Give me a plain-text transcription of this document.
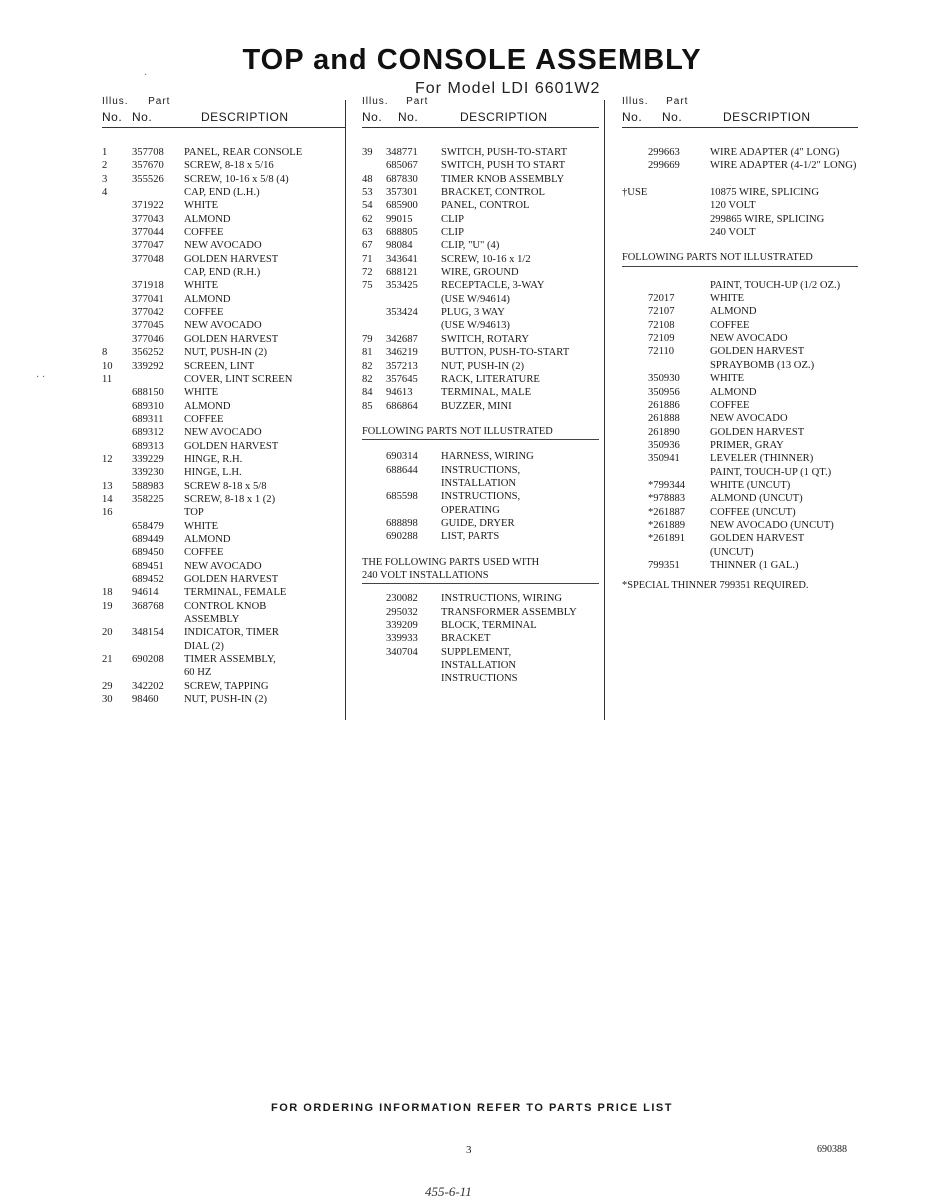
TOP and CONSOLE ASSEMBLY
For Model LDI 6601W2
·
· ·
Illus. Part
No. No.	DESCRIPTION
1	357708	PANEL, REAR CONSOLE
2	357670	SCREW, 8-18 x 5/16
3	355526	SCREW, 10-16 x 5/8 (4)
4	CAP, END (L.H.)
371922	WHITE
377043	ALMOND
377044	COFFEE
377047	NEW AVOCADO
377048	GOLDEN HARVEST
CAP, END (R.H.)
371918	WHITE
377041	ALMOND
377042	COFFEE
377045	NEW AVOCADO
377046	GOLDEN HARVEST
8	356252	NUT, PUSH-IN (2)
10	339292	SCREEN, LINT
11	COVER, LINT SCREEN
688150	WHITE
689310	ALMOND
689311	COFFEE
689312	NEW AVOCADO
689313	GOLDEN HARVEST
12	339229	HINGE, R.H.
339230	HINGE, L.H.
13	588983	SCREW 8-18 x 5/8
14	358225	SCREW, 8-18 x 1 (2)
16	TOP
658479	WHITE
689449	ALMOND
689450	COFFEE
689451	NEW AVOCADO
689452	GOLDEN HARVEST
18	94614	TERMINAL, FEMALE
19	368768	CONTROL KNOB
ASSEMBLY
20	348154	INDICATOR, TIMER
DIAL (2)
21	690208	TIMER ASSEMBLY,
60 HZ
29	342202	SCREW, TAPPING
30	98460	NUT, PUSH-IN (2)
Illus. Part
No.	No.	DESCRIPTION
39	348771	SWITCH, PUSH-TO-START
685067	SWITCH, PUSH TO START
48	687830	TIMER KNOB ASSEMBLY
53	357301	BRACKET, CONTROL
54	685900	PANEL, CONTROL
62	99015	CLIP
63	688805	CLIP
67	98084	CLIP, "U" (4)
71	343641	SCREW, 10-16 x 1/2
72	688121	WIRE, GROUND
75	353425	RECEPTACLE, 3-WAY
(USE W/94614)
353424	PLUG, 3 WAY
(USE W/94613)
79	342687	SWITCH, ROTARY
81	346219	BUTTON, PUSH-TO-START
82	357213	NUT, PUSH-IN (2)
82	357645	RACK, LITERATURE
84	94613	TERMINAL, MALE
85	686864	BUZZER, MINI
FOLLOWING PARTS NOT ILLUSTRATED
690314	HARNESS, WIRING
688644	INSTRUCTIONS,
INSTALLATION
685598	INSTRUCTIONS,
OPERATING
688898	GUIDE, DRYER
690288	LIST, PARTS
THE FOLLOWING PARTS USED WITH
240 VOLT INSTALLATIONS
230082	INSTRUCTIONS, WIRING
295032	TRANSFORMER ASSEMBLY
339209	BLOCK, TERMINAL
339933	BRACKET
340704	SUPPLEMENT,
INSTALLATION
INSTRUCTIONS
Illus. Part
No.	No.	DESCRIPTION
299663	WIRE ADAPTER (4" LONG)
299669	WIRE ADAPTER (4-1/2" LONG)
†USE	10875 WIRE, SPLICING
120 VOLT
299865 WIRE, SPLICING
240 VOLT
FOLLOWING PARTS NOT ILLUSTRATED
PAINT, TOUCH-UP (1/2 OZ.)
72017	WHITE
72107	ALMOND
72108	COFFEE
72109	NEW AVOCADO
72110	GOLDEN HARVEST
SPRAYBOMB (13 OZ.)
350930	WHITE
350956	ALMOND
261886	COFFEE
261888	NEW AVOCADO
261890	GOLDEN HARVEST
350936	PRIMER, GRAY
350941	LEVELER (THINNER)
PAINT, TOUCH-UP (1 QT.)
*799344	WHITE (UNCUT)
*978883	ALMOND (UNCUT)
*261887	COFFEE (UNCUT)
*261889	NEW AVOCADO (UNCUT)
*261891	GOLDEN HARVEST
(UNCUT)
799351	THINNER (1 GAL.)
*SPECIAL THINNER 799351 REQUIRED.
FOR ORDERING INFORMATION REFER TO PARTS PRICE LIST
3	690388
455-6-11
